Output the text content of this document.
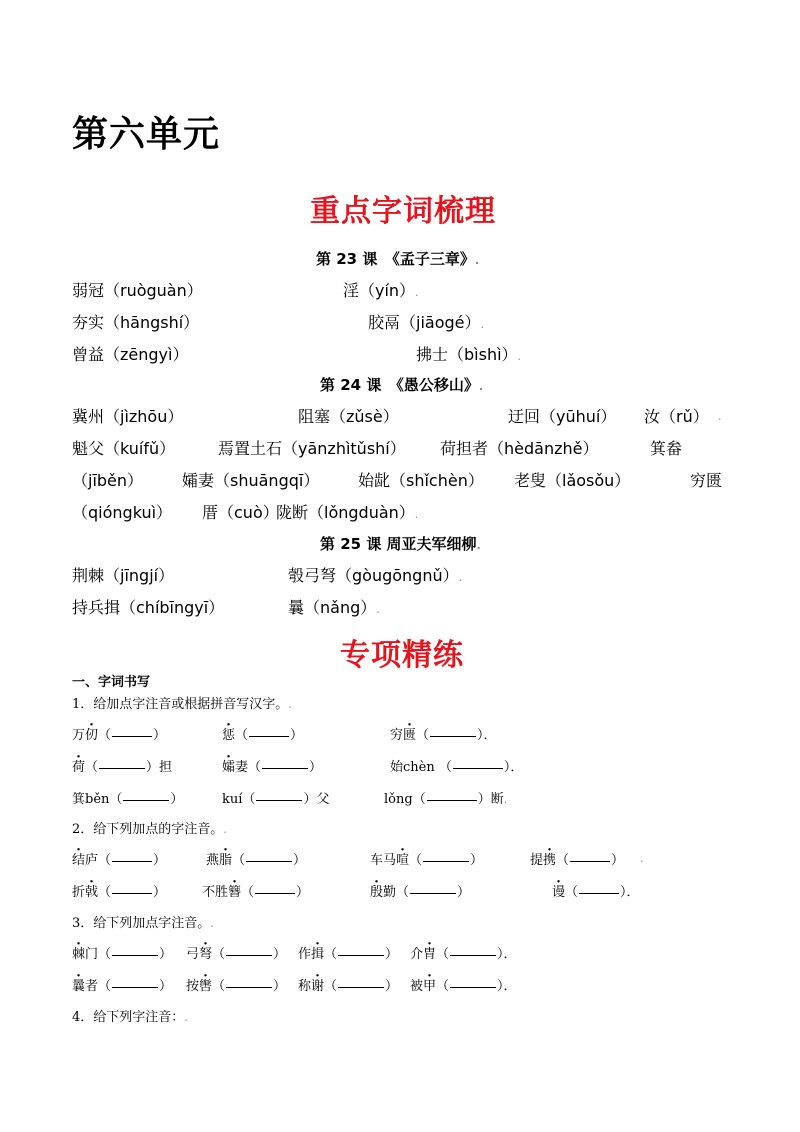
第六单元
重点字词梳理
第 23 课　《孟子三章》.
弱冠（ruòguàn）	淫（yín）.
夯实（hāngshí）	胶鬲（jiāogé）.
曾益（zēngyì）	拂士（bìshì）.
第 24 课　《愚公移山》.
冀州（jìzhōu）	阻塞（zǔsè）	迂回（yūhuí） 汝（rǔ） .
魁父（kuífǔ）	焉置土石（yānzhìtǔshí） 荷担者（hèdānzhě）	箕畚
（jīběn） 孀妻（shuāngqī） 始龀（shǐchèn） 老叟（lǎosǒu）	穷匮
（qióngkuì） 厝（cuò）
陇断（lǒngduàn）.
第 25 课 周亚夫军细柳.
荆棘（jīngjí）	彀弓弩（gòugōngnǔ）.
持兵揖（chíbīngyī）	曩（nǎng）.
专项精练
一、字词书写
1．给加点字注音或根据拼音写汉字。.
万仞（	）	惩（	）	穷匮（	）．
荷（	）担	孀妻（	）	始chèn （	）．
箕běn（	）	kuí（	）父	lǒng（	）断.
2．给下列加点的字注音。.
结庐（	）	燕脂（	）	车马喧（	）	提携（	） .
折戟（	）	不胜簪（	）	殷勤（	）	谩（	）．
3．给下列加点字注音。.
棘门（	） 弓弩（	） 作揖（	） 介胄（	）．
曩者（	） 按辔（	） 称谢（	） 被甲（	）．
4．给下列字注音：.
